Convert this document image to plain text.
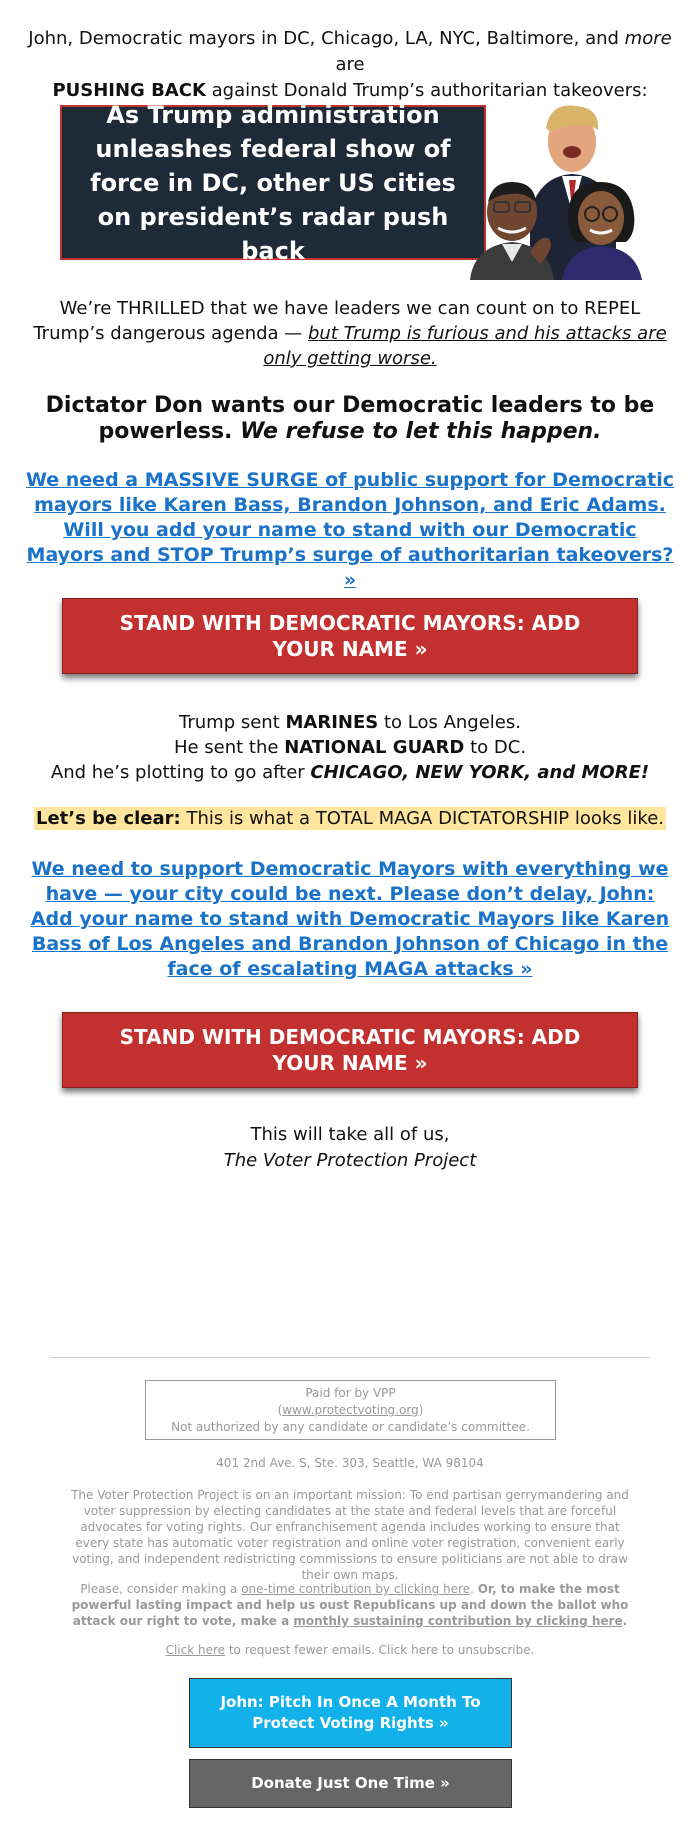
John, Democratic mayors in DC, Chicago, LA, NYC, Baltimore, and more are
PUSHING BACK against Donald Trump’s authoritarian takeovers:
As Trump administration unleashes federal show of force in DC, other US cities on president’s radar push back
We’re THRILLED that we have leaders we can count on to REPEL Trump’s dangerous agenda — but Trump is furious and his attacks are only getting worse.
Dictator Don wants our Democratic leaders to be powerless. We refuse to let this happen.
We need a MASSIVE SURGE of public support for Democratic mayors like Karen Bass, Brandon Johnson, and Eric Adams. Will you add your name to stand with our Democratic Mayors and STOP Trump’s surge of authoritarian takeovers? »
STAND WITH DEMOCRATIC MAYORS: ADD YOUR NAME »
Trump sent MARINES to Los Angeles.
He sent the NATIONAL GUARD to DC.
And he’s plotting to go after CHICAGO, NEW YORK, and MORE!
Let’s be clear: This is what a TOTAL MAGA DICTATORSHIP looks like.
We need to support Democratic Mayors with everything we have — your city could be next. Please don’t delay, John: Add your name to stand with Democratic Mayors like Karen Bass of Los Angeles and Brandon Johnson of Chicago in the face of escalating MAGA attacks »
STAND WITH DEMOCRATIC MAYORS: ADD YOUR NAME »
This will take all of us,
The Voter Protection Project
Paid for by VPP
(www.protectvoting.org)
Not authorized by any candidate or candidate’s committee.
401 2nd Ave. S, Ste. 303, Seattle, WA 98104
The Voter Protection Project is on an important mission: To end partisan gerrymandering and voter suppression by electing candidates at the state and federal levels that are forceful advocates for voting rights. Our enfranchisement agenda includes working to ensure that every state has automatic voter registration and online voter registration, convenient early voting, and independent redistricting commissions to ensure politicians are not able to draw their own maps.
Please, consider making a one-time contribution by clicking here. Or, to make the most powerful lasting impact and help us oust Republicans up and down the ballot who attack our right to vote, make a monthly sustaining contribution by clicking here.
Click here to request fewer emails. Click here to unsubscribe.
John: Pitch In Once A Month To Protect Voting Rights »
Donate Just One Time »
